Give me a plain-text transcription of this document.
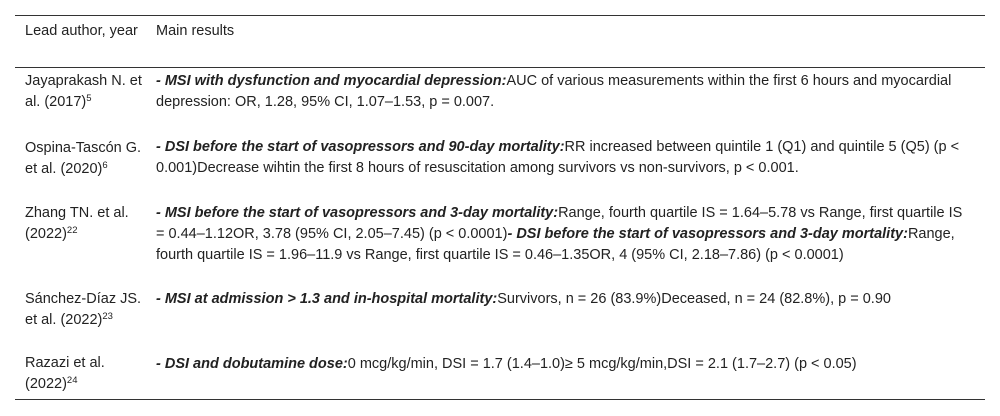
Lead author, year	Main results
Jayaprakash N. et al. $(2017)^5$
- MSI with dysfunction and myocardial depression:AUC of various measurements within the first 6 hours and myocardial depression: OR, 1.28, 95% CI, 1.07–1.53, p = 0.007.
Ospina-Tascón G. et al. $(2020)^6$
- DSI before the start of vasopressors and 90-day mortality:RR increased between quintile 1 (Q1) and quintile 5 (Q5) (p < 0.001)Decrease wihtin the first 8 hours of resuscitation among survivors vs non-survivors, p < 0.001.
Zhang TN. et al. $(2022)^{22}$
- MSI before the start of vasopressors and 3-day mortality:Range, fourth quartile IS = 1.64–5.78 vs Range, first quartile IS = 0.44–1.12OR, 3.78 (95% CI, 2.05–7.45) (p < 0.0001)- DSI before the start of vasopressors and 3-day mortality:Range, fourth quartile IS = 1.96–11.9 vs Range, first quartile IS = 0.46–1.35OR, 4 (95% CI, 2.18–7.86) (p < 0.0001)
Sánchez-Díaz JS. et al. $(2022)^{23}$
- MSI at admission > 1.3 and in-hospital mortality:Survivors, n = 26 (83.9%)Deceased, n = 24 (82.8%), p = 0.90
Razazi et al. $(2022)^{24}$
- DSI and dobutamine dose:0 mcg/kg/min, DSI = 1.7 (1.4–1.0)≥ 5 mcg/kg/min,DSI = 2.1 (1.7–2.7) (p < 0.05)
